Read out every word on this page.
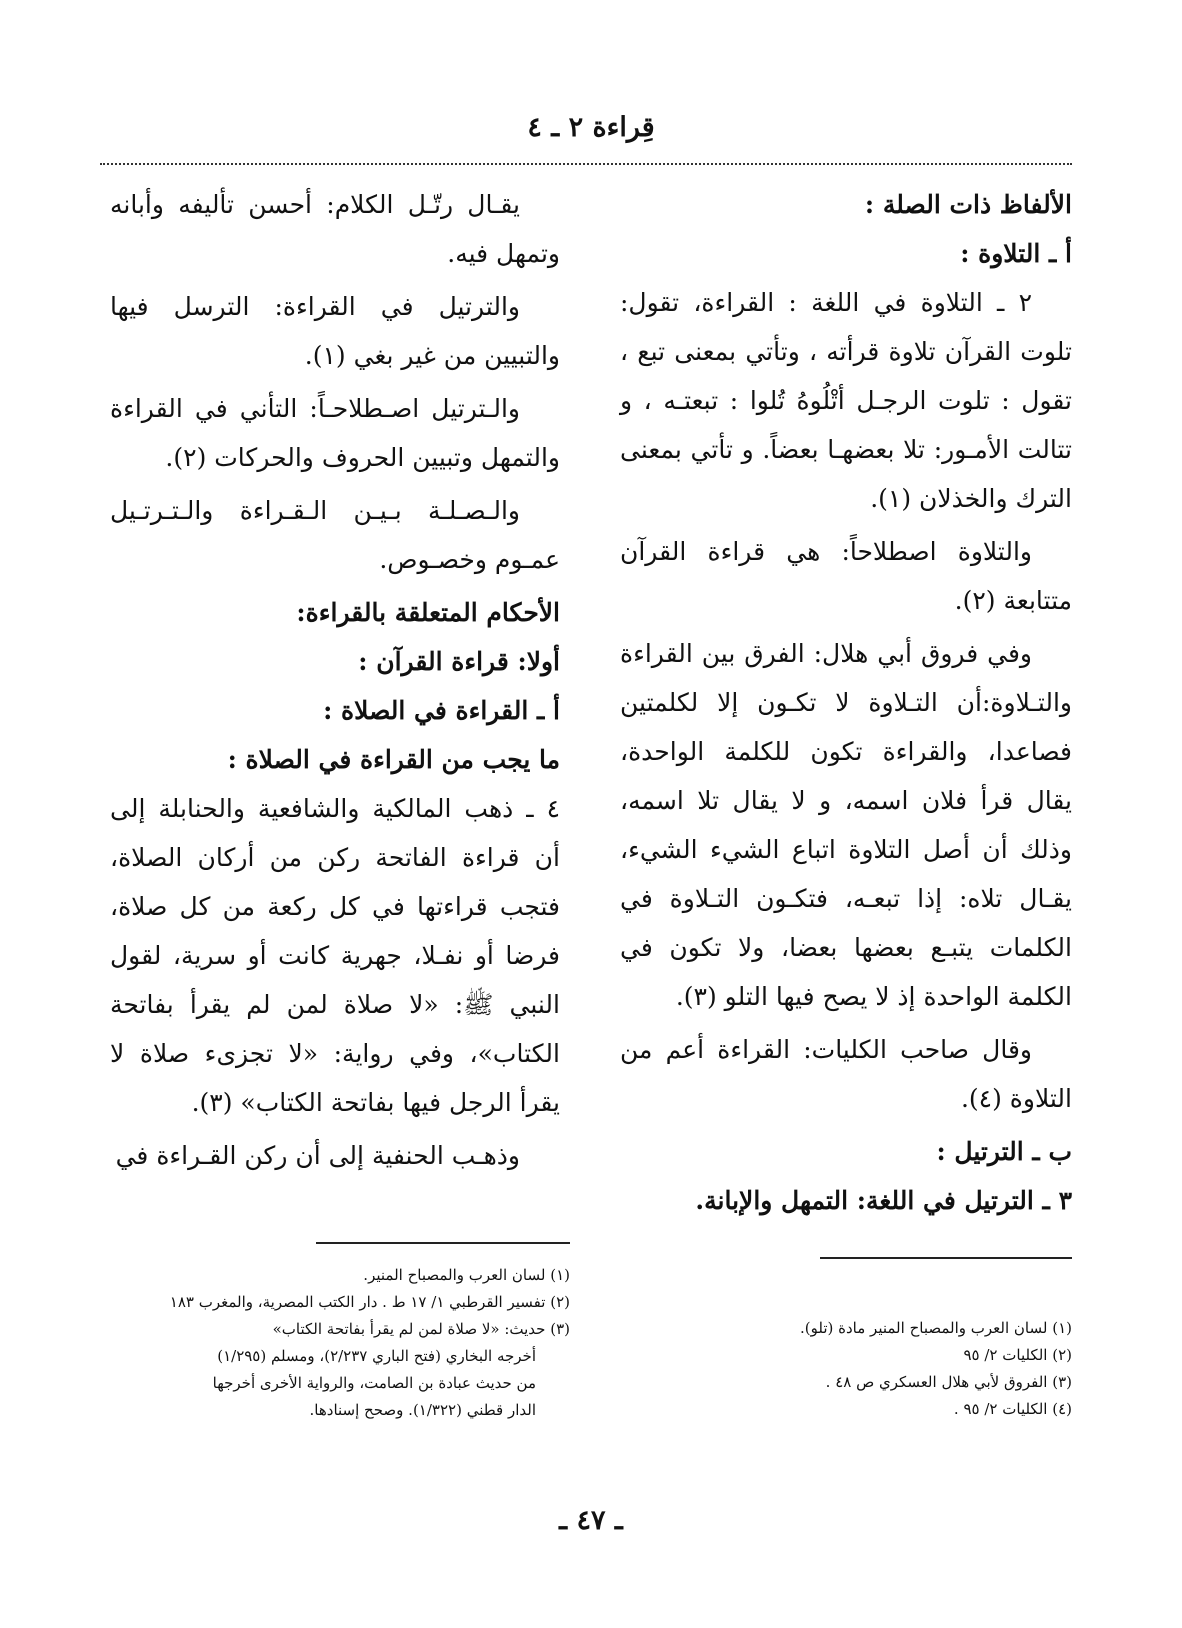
قِراءة ٢ ـ ٤

الألفاظ ذات الصلة :

أ ـ التلاوة :

٢ ـ التلاوة في اللغة : القراءة، تقول: تلوت القرآن تلاوة قرأته ، وتأتي بمعنى تبع ، تقول : تلوت الرجـل أتْلُوهُ تُلوا : تبعتـه ، و تتالت الأمـور: تلا بعضهـا بعضاً. و تأتي بمعنى الترك والخذلان (١).

والتلاوة اصطلاحاً: هي قراءة القرآن متتابعة (٢).

وفي فروق أبي هلال: الفرق بين القراءة والتـلاوة:أن التـلاوة لا تكـون إلا لكلمتين فصاعدا، والقراءة تكون للكلمة الواحدة، يقال قرأ فلان اسمه، و لا يقال تلا اسمه، وذلك أن أصل التلاوة اتباع الشيء الشيء، يقـال تلاه: إذا تبعـه، فتكـون التـلاوة في الكلمات يتبـع بعضها بعضا، ولا تكون في الكلمة الواحدة إذ لا يصح فيها التلو (٣).

وقال صاحب الكليات: القراءة أعم من التلاوة (٤).

ب ـ الترتيل :

٣ ـ الترتيل في اللغة: التمهل والإبانة.

يقـال رتّـل الكلام: أحسن تأليفه وأبانه وتمهل فيه.

والترتيل في القراءة: الترسل فيها والتبيين من غير بغي (١).

والـترتيل اصـطلاحـاً: التأني في القراءة والتمهل وتبيين الحروف والحركات (٢).

والـصـلـة بـيـن الـقـراءة والـتـرتـيل عمـوم وخصـوص.

الأحكام المتعلقة بالقراءة:

أولا: قراءة القرآن :

أ ـ القراءة في الصلاة :

ما يجب من القراءة في الصلاة :

٤ ـ ذهب المالكية والشافعية والحنابلة إلى أن قراءة الفاتحة ركن من أركان الصلاة، فتجب قراءتها في كل ركعة من كل صلاة، فرضا أو نفـلا، جهرية كانت أو سرية، لقول النبي ﷺ: «لا صلاة لمن لم يقرأ بفاتحة الكتاب»، وفي رواية: «لا تجزىء صلاة لا يقرأ الرجل فيها بفاتحة الكتاب» (٣).

وذهـب الحنفية إلى أن ركن القـراءة في

(١) لسان العرب والمصباح المنير مادة (تلو).
(٢) الكليات ٢/ ٩٥
(٣) الفروق لأبي هلال العسكري ص ٤٨ .
(٤) الكليات ٢/ ٩٥ .
(١) لسان العرب والمصباح المنير.
(٢) تفسير القرطبي ١/ ١٧ ط . دار الكتب المصرية، والمغرب ١٨٣
(٣) حديث: «لا صلاة لمن لم يقرأ بفاتحة الكتاب»
أخرجه البخاري (فتح الباري ٢/٢٣٧)، ومسلم (١/٢٩٥)
من حديث عبادة بن الصامت، والرواية الأخرى أخرجها
الدار قطني (١/٣٢٢). وصحح إسنادها.
ـ ٤٧ ـ
